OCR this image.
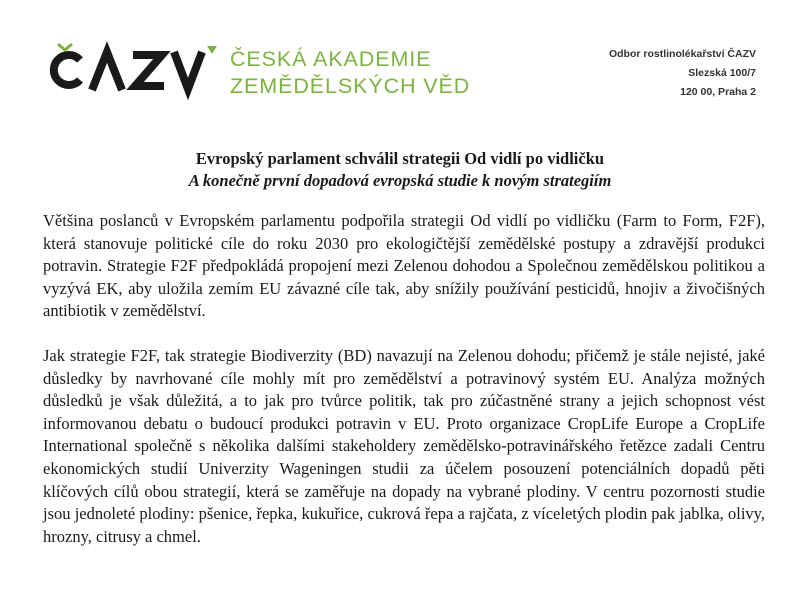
ČESKÁ AKADEMIE
ZEMĚDĚLSKÝCH VĚD
Odbor rostlinolékařství ČAZV
Slezská 100/7
120 00, Praha 2

Evropský parlament schválil strategii Od vidlí po vidličku

A konečně první dopadová evropská studie k novým strategiím

Většina poslanců v Evropském parlamentu podpořila strategii Od vidlí po vidličku (Farm to Form, F2F), která stanovuje politické cíle do roku 2030 pro ekologičtější zemědělské postupy a zdravější produkci potravin. Strategie F2F předpokládá propojení mezi Zelenou dohodou a Společnou zemědělskou politikou a vyzývá EK, aby uložila zemím EU závazné cíle tak, aby snížily používání pesticidů, hnojiv a živočišných antibiotik v zemědělství.

Jak strategie F2F, tak strategie Biodiverzity (BD) navazují na Zelenou dohodu; přičemž je stále nejisté, jaké důsledky by navrhované cíle mohly mít pro zemědělství a potravinový systém EU. Analýza možných důsledků je však důležitá, a to jak pro tvůrce politik, tak pro zúčastněné strany a jejich schopnost vést informovanou debatu o budoucí produkci potravin v EU. Proto organizace CropLife Europe a CropLife International společně s několika dalšími stakeholdery zemědělsko-potravinářského řetězce zadali Centru ekonomických studií Univerzity Wageningen studii za účelem posouzení potenciálních dopadů pěti klíčových cílů obou strategií, která se zaměřuje na dopady na vybrané plodiny. V centru pozornosti studie jsou jednoleté plodiny: pšenice, řepka, kukuřice, cukrová řepa a rajčata, z víceletých plodin pak jablka, olivy, hrozny, citrusy a chmel.
